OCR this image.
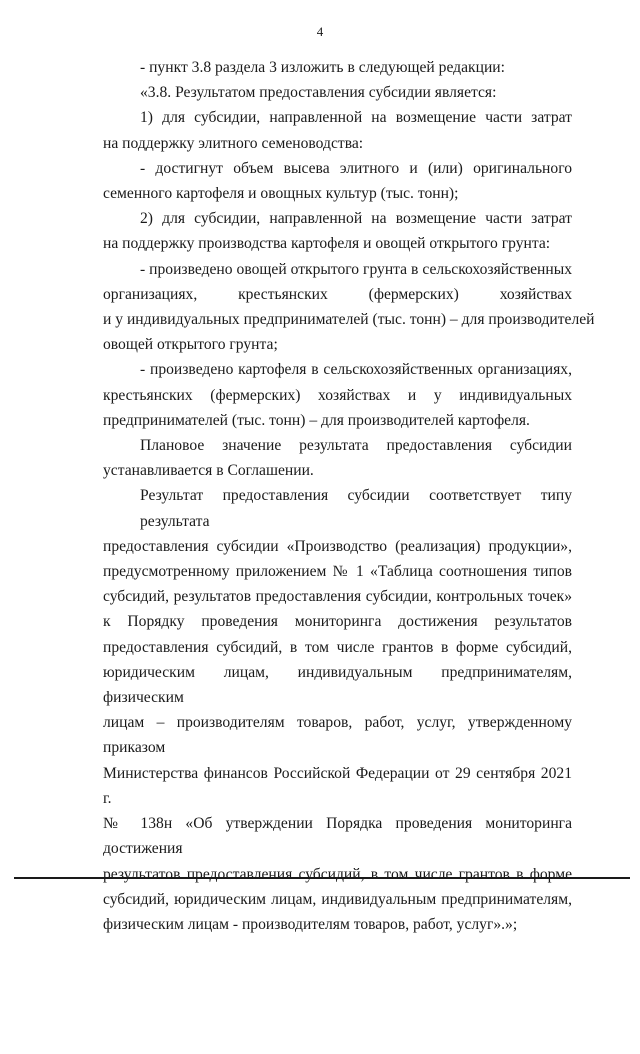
4
- пункт 3.8 раздела 3 изложить в следующей редакции:
«3.8. Результатом предоставления субсидии является:
1) для субсидии, направленной на возмещение части затрат
на поддержку элитного семеноводства:
- достигнут объем высева элитного и (или) оригинального
семенного картофеля и овощных культур (тыс. тонн);
2) для субсидии, направленной на возмещение части затрат
на поддержку производства картофеля и овощей открытого грунта:
- произведено овощей открытого грунта в сельскохозяйственных
организациях, крестьянских (фермерских) хозяйствах
и у индивидуальных предпринимателей (тыс. тонн) – для производителей
овощей открытого грунта;
- произведено картофеля в сельскохозяйственных организациях,
крестьянских (фермерских) хозяйствах и у индивидуальных
предпринимателей (тыс. тонн) – для производителей картофеля.
Плановое значение результата предоставления субсидии
устанавливается в Соглашении.
Результат предоставления субсидии соответствует типу результата
предоставления субсидии «Производство (реализация) продукции»,
предусмотренному приложением № 1 «Таблица соотношения типов
субсидий, результатов предоставления субсидии, контрольных точек»
к Порядку проведения мониторинга достижения результатов
предоставления субсидий, в том числе грантов в форме субсидий,
юридическим лицам, индивидуальным предпринимателям, физическим
лицам – производителям товаров, работ, услуг, утвержденному приказом
Министерства финансов Российской Федерации от 29 сентября 2021 г.
№ 138н «Об утверждении Порядка проведения мониторинга достижения
результатов предоставления субсидий, в том числе грантов в форме
субсидий, юридическим лицам, индивидуальным предпринимателям,
физическим лицам - производителям товаров, работ, услуг».»;
